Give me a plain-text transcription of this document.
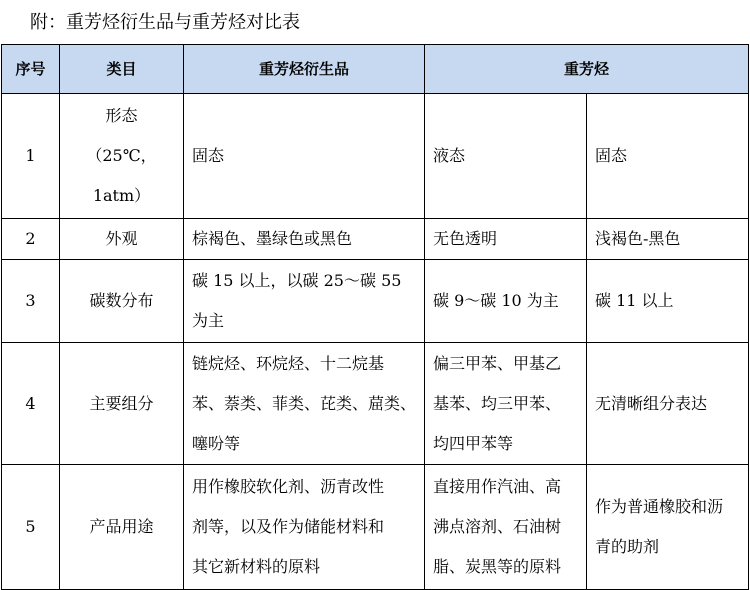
附：重芳烃衍生品与重芳烃对比表
序号	类目	重芳烃衍生品	重芳烃	
1	形态
（25℃，
1atm）	固态	液态	固态

2	外观	棕褐色、墨绿色或黑色	无色透明	浅褐色-黑色

3	碳数分布	碳 15 以上，以碳 25～碳 55
为主	碳 9～碳 10 为主	碳 11 以上

4	主要组分	链烷烃、环烷烃、十二烷基
苯、萘类、菲类、芘类、䓛类、
噻吩等	偏三甲苯、甲基乙
基苯、均三甲苯、
均四甲苯等	无清晰组分表达

5	产品用途	用作橡胶软化剂、沥青改性
剂等，以及作为储能材料和
其它新材料的原料	直接用作汽油、高
沸点溶剂、石油树
脂、炭黑等的原料	作为普通橡胶和沥
青的助剂
